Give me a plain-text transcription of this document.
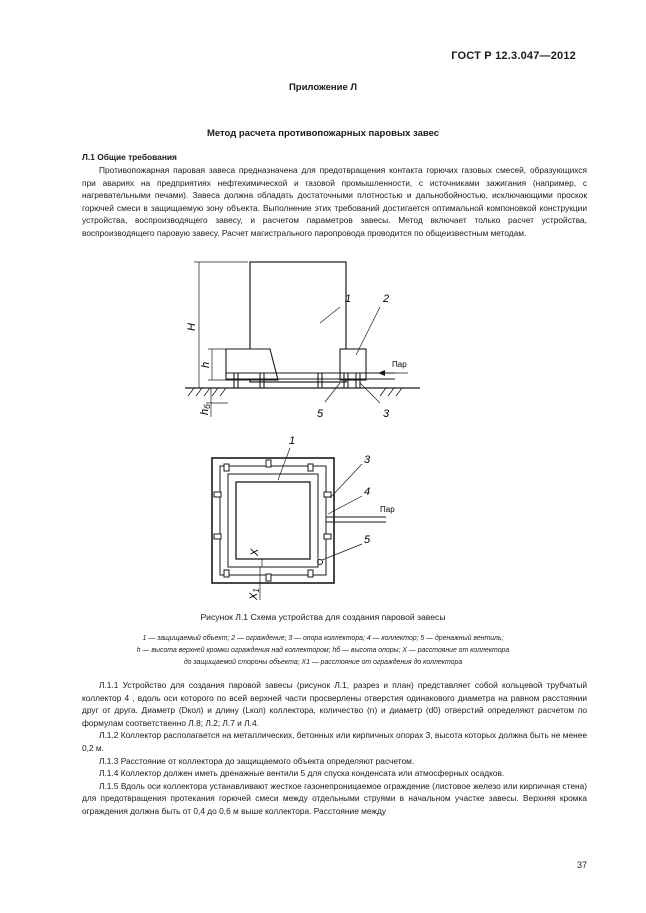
ГОСТ Р 12.3.047—2012
Приложение Л
Метод расчета противопожарных паровых завес
Л.1 Общие требования

Противопожарная паровая завеса предназначена для предотвращения контакта горючих газовых смесей, образующихся при авариях на предприятиях нефтехимической и газовой промышленности, с источниками зажигания (например, с нагревательными печами). Завеса должна обладать достаточными плотностью и дальнобойностью, исключающими проскок горючей смеси в защищаемую зону объекта. Выполнение этих требований достигается оптимальной компоновкой конструкции устройства, воспроизводящего завесу, и расчетом параметров завесы. Метод включает только расчет устройства, воспроизводящего паровую завесу. Расчет магистрального паропровода проводится по общеизвестным методам.

1	2
5	3
Пар
H
h
hб
1
3
4
5
Пар
X
X1
Рисунок Л.1 Схема устройства для создания паровой завесы
1 — защищаемый объект; 2 — ограждение; 3 — опора коллектора; 4 — коллектор; 5 — дренажный вентиль;
h — высота верхней кромки ограждения над коллектором; hб — высота опоры; X — расстояние от коллектора
до защищаемой стороны объекта; X1 — расстояние от ограждения до коллектора

Л.1.1 Устройство для создания паровой завесы (рисунок Л.1, разрез и план) представляет собой кольцевой трубчатый коллектор 4 , вдоль оси которого по всей верхней части просверлены отверстия одинакового диаметра на равном расстоянии друг от друга. Диаметр (Dкол) и длину (Lкол) коллектора, количество (n) и диаметр (d0) отверстий определяют расчетом по формулам соответственно Л.8; Л.2; Л.7 и Л.4.

Л.1.2 Коллектор располагается на металлических, бетонных или кирпичных опорах 3, высота которых должна быть не менее 0,2 м.

Л.1.3 Расстояние от коллектора до защищаемого объекта определяют расчетом.

Л.1.4 Коллектор должен иметь дренажные вентили 5 для спуска конденсата или атмосферных осадков.

Л.1.5 Вдоль оси коллектора устанавливают жесткое газонепроницаемое ограждение (листовое железо или кирпичная стена) для предотвращения протекания горючей смеси между отдельными струями в начальном участке завесы. Верхняя кромка ограждения должна быть от 0,4 до 0,6 м выше коллектора. Расстояние между

37
